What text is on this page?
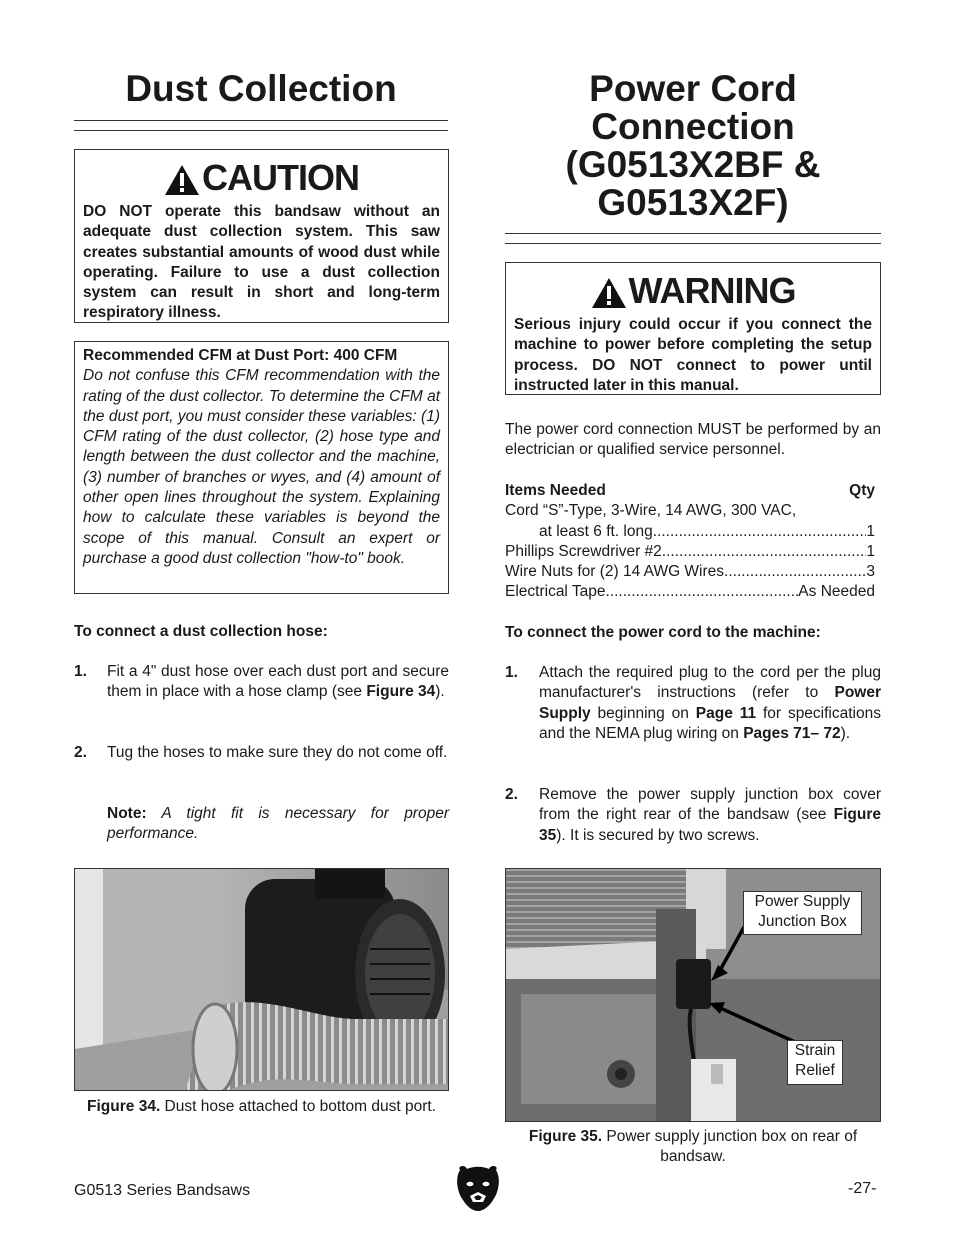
Dust Collection
CAUTION
DO NOT operate this bandsaw without an adequate dust collection system. This saw creates substantial amounts of wood dust while operating. Failure to use a dust collection system can result in short and long-term respiratory illness.
Recommended CFM at Dust Port: 400 CFM
Do not confuse this CFM recommendation with the rating of the dust collector. To determine the CFM at the dust port, you must consider these variables: (1) CFM rating of the dust collector, (2) hose type and length between the dust collector and the machine, (3) number of branches or wyes, and (4) amount of other open lines throughout the system. Explaining how to calculate these variables is beyond the scope of this manual. Consult an expert or purchase a good dust collection "how-to" book.
To connect a dust collection hose:
1. Fit a 4" dust hose over each dust port and secure them in place with a hose clamp (see Figure 34).
2. Tug the hoses to make sure they do not come off.
Note: A tight fit is necessary for proper performance.
Figure 34. Dust hose attached to bottom dust port.
Power Cord
Connection
(G0513X2BF &
G0513X2F)
WARNING
Serious injury could occur if you connect the machine to power before completing the setup process. DO NOT connect to power until instructed later in this manual.
The power cord connection MUST be performed by an electrician or qualified service personnel.
Items Needed	Qty
Cord “S”-Type, 3-Wire, 14 AWG, 300 VAC,
at least 6 ft. long .....	1
Phillips Screwdriver #2 .....	1
Wire Nuts for (2) 14 AWG Wires .....	3
Electrical Tape .....	As Needed
To connect the power cord to the machine:
1. Attach the required plug to the cord per the plug manufacturer's instructions (refer to Power Supply beginning on Page 11 for specifications and the NEMA plug wiring on Pages 71– 72).
2. Remove the power supply junction box cover from the right rear of the bandsaw (see Figure 35). It is secured by two screws.
Power Supply
Junction Box
Strain
Relief
Figure 35. Power supply junction box on rear of bandsaw.
G0513 Series Bandsaws	-27-
